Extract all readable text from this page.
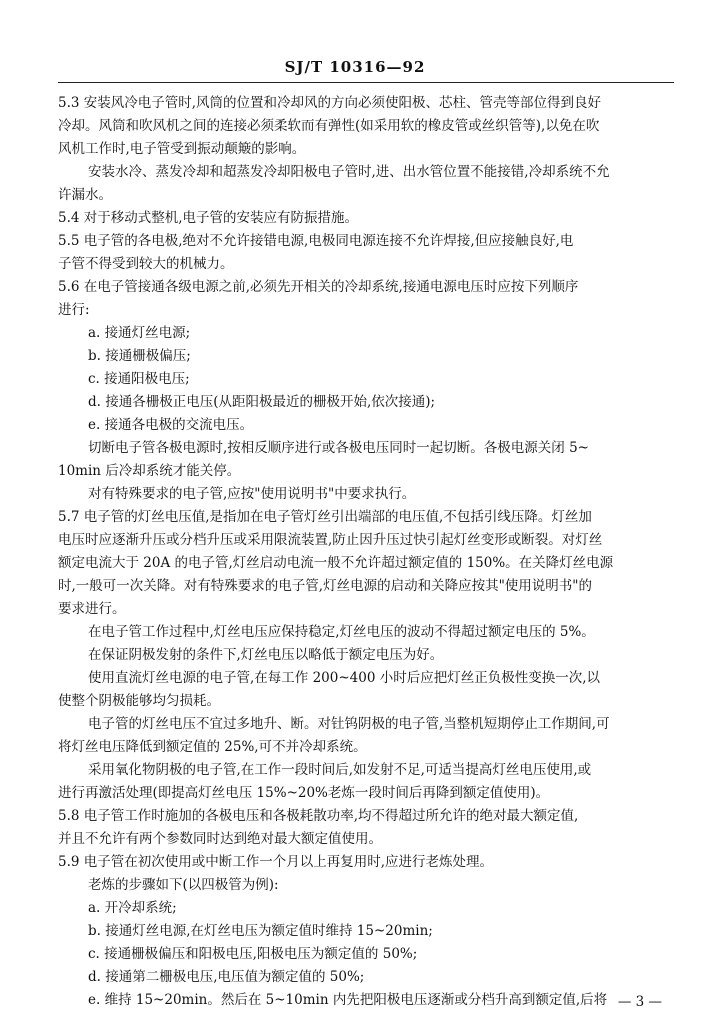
SJ/T 10316—92
5.3 安装风冷电子管时,风筒的位置和冷却风的方向必须使阳极、芯柱、管壳等部位得到良好
冷却。风筒和吹风机之间的连接必须柔软而有弹性(如采用软的橡皮管或丝织管等),以免在吹
风机工作时,电子管受到振动颠簸的影响。
安装水冷、蒸发冷却和超蒸发冷却阳极电子管时,进、出水管位置不能接错,冷却系统不允
许漏水。
5.4 对于移动式整机,电子管的安装应有防振措施。
5.5 电子管的各电极,绝对不允许接错电源,电极同电源连接不允许焊接,但应接触良好,电
子管不得受到较大的机械力。
5.6 在电子管接通各级电源之前,必须先开相关的冷却系统,接通电源电压时应按下列顺序
进行:
a. 接通灯丝电源;
b. 接通栅极偏压;
c. 接通阳极电压;
d. 接通各栅极正电压(从距阳极最近的栅极开始,依次接通);
e. 接通各电极的交流电压。
切断电子管各极电源时,按相反顺序进行或各极电压同时一起切断。各极电源关闭 5~
10min 后冷却系统才能关停。
对有特殊要求的电子管,应按"使用说明书"中要求执行。
5.7 电子管的灯丝电压值,是指加在电子管灯丝引出端部的电压值,不包括引线压降。灯丝加
电压时应逐渐升压或分档升压或采用限流装置,防止因升压过快引起灯丝变形或断裂。对灯丝
额定电流大于 20A 的电子管,灯丝启动电流一般不允许超过额定值的 150%。在关降灯丝电源
时,一般可一次关降。对有特殊要求的电子管,灯丝电源的启动和关降应按其"使用说明书"的
要求进行。
在电子管工作过程中,灯丝电压应保持稳定,灯丝电压的波动不得超过额定电压的 5%。
在保证阴极发射的条件下,灯丝电压以略低于额定电压为好。
使用直流灯丝电源的电子管,在每工作 200~400 小时后应把灯丝正负极性变换一次,以
使整个阴极能够均匀损耗。
电子管的灯丝电压不宜过多地升、断。对钍钨阴极的电子管,当整机短期停止工作期间,可
将灯丝电压降低到额定值的 25%,可不并冷却系统。
采用氧化物阴极的电子管,在工作一段时间后,如发射不足,可适当提高灯丝电压使用,或
进行再激活处理(即提高灯丝电压 15%~20%老炼一段时间后再降到额定值使用)。
5.8 电子管工作时施加的各极电压和各极耗散功率,均不得超过所允许的绝对最大额定值,
并且不允许有两个参数同时达到绝对最大额定值使用。
5.9 电子管在初次使用或中断工作一个月以上再复用时,应进行老炼处理。
老炼的步骤如下(以四极管为例):
a. 开冷却系统;
b. 接通灯丝电源,在灯丝电压为额定值时维持 15~20min;
c. 接通栅极偏压和阳极电压,阳极电压为额定值的 50%;
d. 接通第二栅极电压,电压值为额定值的 50%;
e. 维持 15~20min。然后在 5~10min 内先把阳极电压逐渐或分档升高到额定值,后将 — 3 —
